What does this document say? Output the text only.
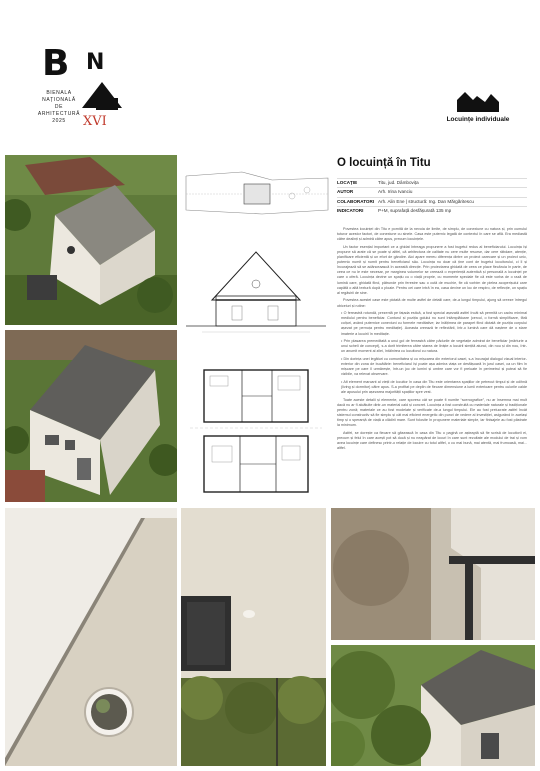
B N
BIENALA
NAȚIONALĂ
DE
ARHITECTURĂ
2025	XVI	Locuințe individuale
O locuință în Titu
LOCAȚIE	Titu, jud. Dâmbovița
AUTOR	Arh. Irina Ivanciu
COLABORATORI Arh. Alin Ene | structură: Ing. Dan Mărgăritescu
INDICATORI	P+M, suprafață desfășurată 135 mp

Povestea locuinței din Titu e pornită de la nevoia de limite, de simplu, de conexiune cu natura și, prin cumulul tuturor acestor factori, de conexiune cu sinele. Casa este puternic legată de contextul în care se află. Era mediastă către dealinți și admiră către apus, precum locuințele.

Un factor esențial important ce a ghidat întreaga propunere a fost bugetul redus al beneficiarului. Locuința își propune să arate că se poate și altfel, că arhitectura de calitate nu cere multe resurse, dar cere răbdare, atenție, planificare eficientă și un efort de gândire. Aici apare mereu diferența dintre un proiect oarecare și un proiect unic, puternic numit și numit pentru beneficiarul său. Locuința nu doar că ține cont de bugetul locuitorului, ci îl și încurajează să se adânceaască în această direcție. Prin proiectarea ghidată de ceea ce place fiecăruia în parte, de ceea ce nu le este necesar, pe marginea volumelor se creează o experiență autentică și personală a locuinței pe care o oferă. Locuința devine un spațiu cu o viață proprie, cu momente speciale fie că este vorba de o rază de lumină care, ghidată fiind, pătrunde prin ferestre sau o cută de muchie, fie că vorbim de pielea acoperișului care capătă o altă textură după o ploaie. Pentru cei care intră în ea, casa devine un loc de respiro, de reflecție, un spațiu al regăsirii de sine.

Povestea acestei case este pictată de multe astfel de detalii care, de-a lungul timpului, ajung să creeze întregul obiceiuri și rutine:

• O fereastră rotundă, prezentă pe fațada estică, a fost special așezată astfel încât să permită un cadru minimal mediului pentru beneficiar. Conturul și poziția golului nu sunt întâmplătoare (cercul, o formă simplificare, fără colțuri, având puternice conexiuni cu formele meditative; iar înălțimea de parapet fiind dictată de poziția corpului așezat pe pernuța pentru meditație). Aceasta creează te reflectării, într-o lumină care dă naștere de o stare imaterie a locuirii în meditație.

• Prin plasarea premeditată a unui gol de fereastră către pădurile de vegetație admirat de beneficiar (mărturie a unui scheli de concept), s-a dorit trimiterea către starea de liniște a locuirii simțită atunci, din nou și din nou, într-un anumit moment al zilei, întâlnirea cu locuitorul cu natura.

• Din dorința unei legături cu comunitatea și cu mișcarea din exteriorul casei, s-a încurajat dialogul vizual interior-exterior din zona de bucătărie: beneficiarul își poate așa admira viața ce desfășoară în jurul casei, ca un film în mișcare pe care îl urmărește, într-un joc de lumini și umbre care vor fi preluate în perimetrul și puteai să fie vizibile, va relevat observare.

• Alt element marcant al vieții de locuitor în casa din Titu este orientarea spațiilor de petrecut timpul și de odihnă (living și dormitor) către apus. S-a profitat pe deplin de fiecare dimensiune a lumii exterioare pentru culorile calde ale apusului prin așezarea majorității spațiilor spre vest.

Toate aceste detalii și elemente, care sporesc cât se poate fi numite “scenografice”, nu ar însemna mai mult dacă nu ar fi alcătuite dintr-un material cald și concret. Locuința a fost construită cu materiale naturale și tradiționale pentru zonă; materiale ce au fost modelate și verificate de-a lungul timpului. Ele au fost prelucrate astfel încât sistemul constructiv să fie simplu și cât mai eficient energetic din punct de vedere al investiției, asigurând în același timp și o speranță de viață a clădirii mare. Sunt folosite în propunere materiale simple, iar finisajele au fost păstrate la minimum.

Astfel, se dorește ca fiecare să găsească în casa din Titu o pagină ce așteaptă să fie scrisă de locuitorii ei, precum și felul în care acești pot să ducă și nu neapărat de locuri în care sunt rezultate ale modului de trai și vom avea locuințe care definesc printr-o relație de locuire cu totul altfel, o cu mai bună, mai atentă, mai frumoasă, mai... altfel.
